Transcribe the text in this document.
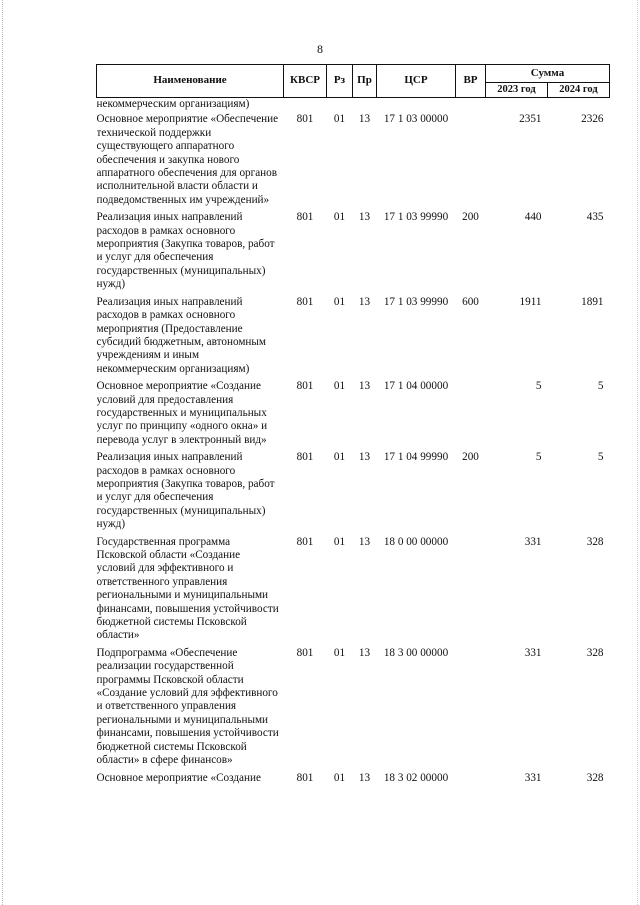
8
Наименование	КВСР	Рз	Пр	ЦСР	ВР	Сумма	
						2023 год	2024 год
некоммерческим организациям)							
Основное мероприятие «Обеспечение технической поддержки существующего аппаратного обеспечения и закупка нового аппаратного обеспечения для органов исполнительной власти области и подведомственных им учреждений»	801	01	13	17 1 03 00000		2351	2326
Реализация иных направлений расходов в рамках основного мероприятия (Закупка товаров, работ и услуг для обеспечения государственных (муниципальных) нужд)	801	01	13	17 1 03 99990	200	440	435
Реализация иных направлений расходов в рамках основного мероприятия (Предоставление субсидий бюджетным, автономным учреждениям и иным некоммерческим организациям)	801	01	13	17 1 03 99990	600	1911	1891
Основное мероприятие «Создание условий для предоставления государственных и муниципальных услуг по принципу «одного окна» и перевода услуг в электронный вид»	801	01	13	17 1 04 00000		5	5
Реализация иных направлений расходов в рамках основного мероприятия (Закупка товаров, работ и услуг для обеспечения государственных (муниципальных) нужд)	801	01	13	17 1 04 99990	200	5	5
Государственная программа Псковской области «Создание условий для эффективного и ответственного управления региональными и муниципальными финансами, повышения устойчивости бюджетной системы Псковской области»	801	01	13	18 0 00 00000		331	328
Подпрограмма «Обеспечение реализации государственной программы Псковской области «Создание условий для эффективного и ответственного управления региональными и муниципальными финансами, повышения устойчивости бюджетной системы Псковской области» в сфере финансов»	801	01	13	18 3 00 00000		331	328
Основное мероприятие «Создание	801	01	13	18 3 02 00000		331	328
